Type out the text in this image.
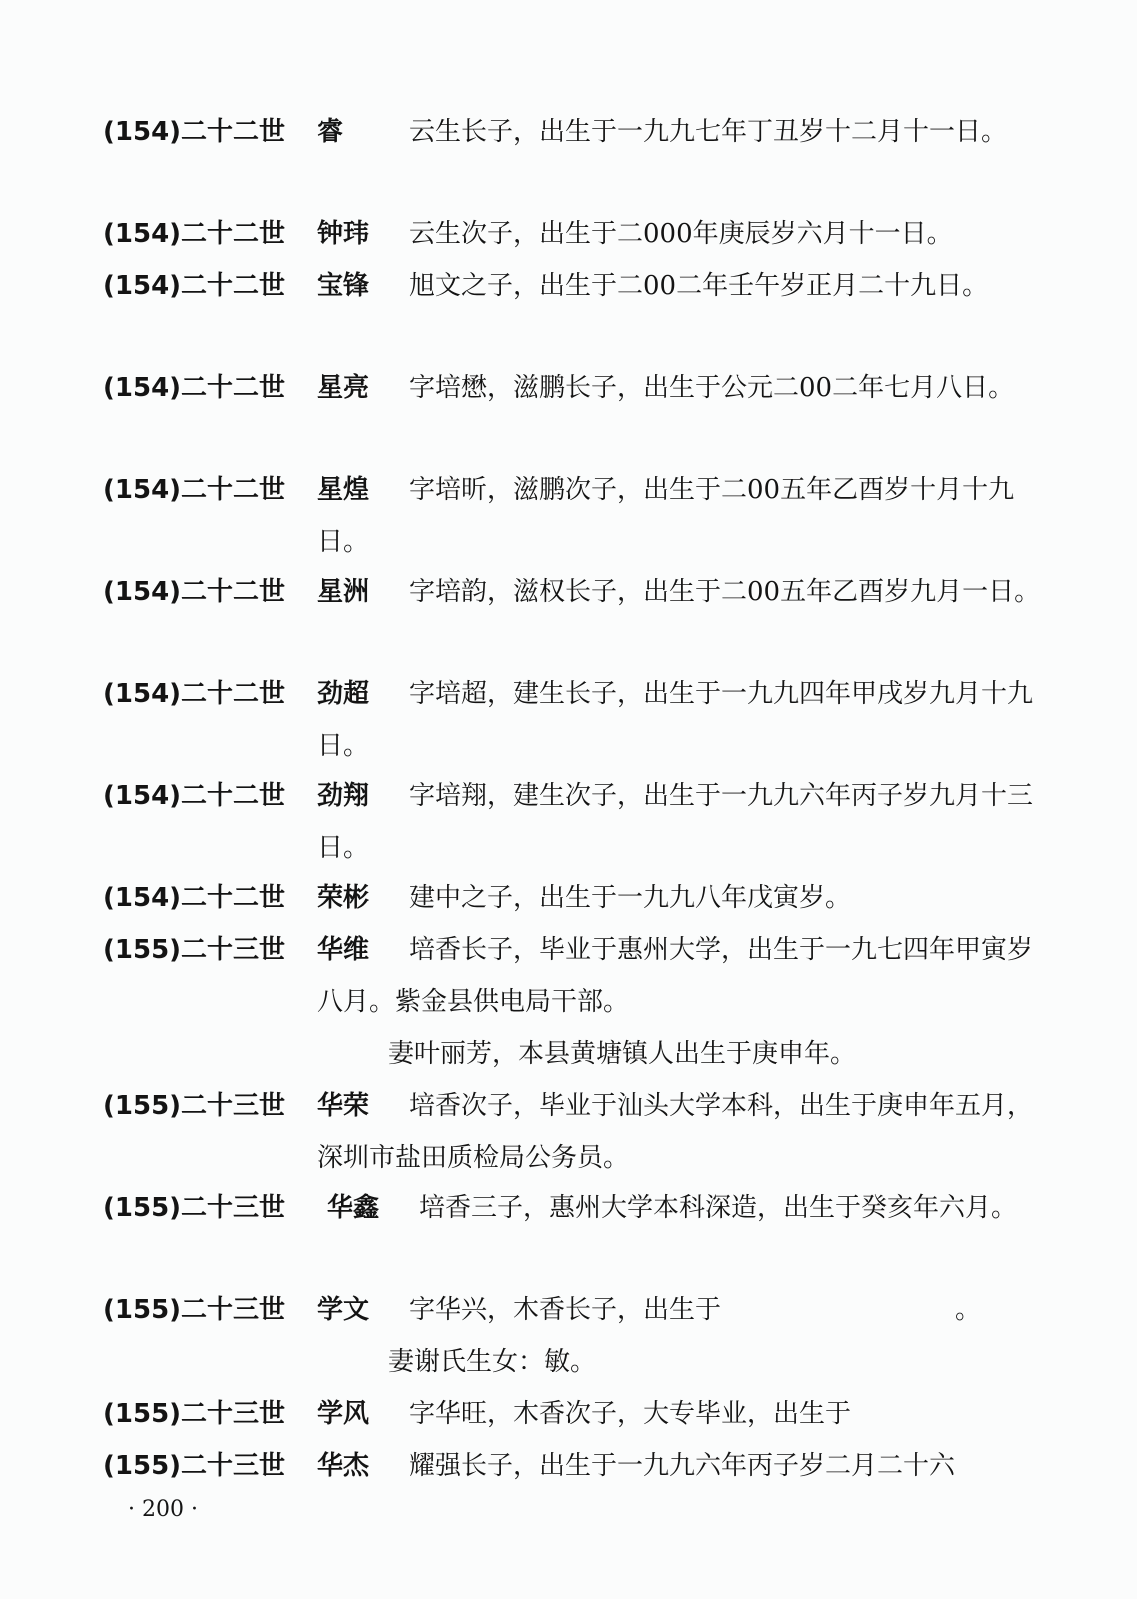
(154)二十二世 睿	云生长子，出生于一九九七年丁丑岁十二月十一日。
(154)二十二世 钟玮	云生次子，出生于二000年庚辰岁六月十一日。
(154)二十二世 宝锋	旭文之子，出生于二00二年壬午岁正月二十九日。
(154)二十二世 星亮	字培懋，滋鹏长子，出生于公元二00二年七月八日。
(154)二十二世 星煌	字培昕，滋鹏次子，出生于二00五年乙酉岁十月十九日。
(154)二十二世 星洲	字培韵，滋权长子，出生于二00五年乙酉岁九月一日。
(154)二十二世 劲超	字培超，建生长子，出生于一九九四年甲戌岁九月十九日。
(154)二十二世 劲翔	字培翔，建生次子，出生于一九九六年丙子岁九月十三日。
(154)二十二世 荣彬	建中之子，出生于一九九八年戊寅岁。
(155)二十三世 华维	培香长子，毕业于惠州大学，出生于一九七四年甲寅岁八月。紫金县供电局干部。
妻叶丽芳，本县黄塘镇人出生于庚申年。
(155)二十三世 华荣	培香次子，毕业于汕头大学本科，出生于庚申年五月，深圳市盐田质检局公务员。
(155)二十三世 华鑫	培香三子，惠州大学本科深造，出生于癸亥年六月。
(155)二十三世 学文	字华兴，木香长子，出生于　　　　　　　　　。
妻谢氏生女：敏。
(155)二十三世 学风	字华旺，木香次子，大专毕业，出生于
(155)二十三世 华杰	耀强长子，出生于一九九六年丙子岁二月二十六
· 200 ·
